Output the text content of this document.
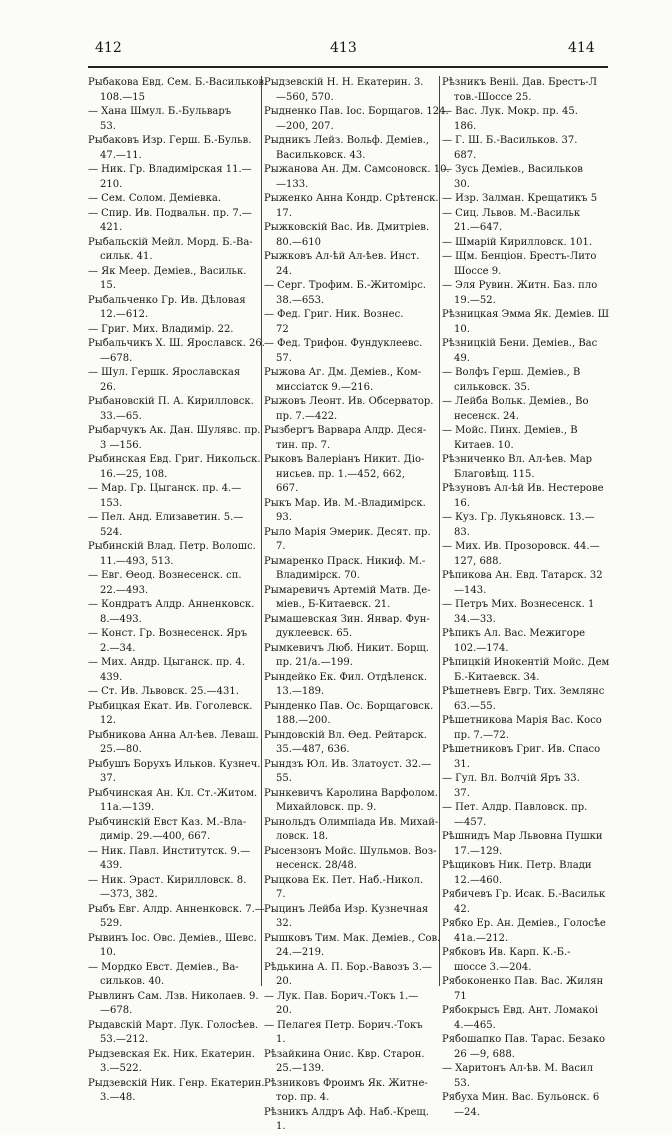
412	413	414
Рыбакова Евд. Сем. Б.-Васильков.
108.—15
— Хана Шмул. Б.-Бульваръ
53.
Рыбаковъ Изр. Герш. Б.-Бульв.
47.—11.
— Ник. Гр. Владимірская 11.—
210.
— Сем. Солом. Деміевка.
— Спир. Ив. Подвальн. пр. 7.—
421.
Рыбальскій Мейл. Морд. Б.-Ва-
сильк. 41.
— Як Меер. Деміев., Васильк.
15.
Рыбальченко Гр. Ив. Дѣловая
12.—612.
— Григ. Мих. Владимір. 22.
Рыбальчикъ Х. Ш. Ярославск. 26.
—678.
— Шул. Гершк. Ярославская
26.
Рыбановскій П. А. Кирилловск.
33.—65.
Рыбарчукъ Ак. Дан. Шулявс. пр.
3 —156.
Рыбинская Евд. Григ. Никольск.
16.—25, 108.
— Мар. Гр. Цыганск. пр. 4.—
153.
— Пел. Анд. Елизаветин. 5.—
524.
Рыбинскій Влад. Петр. Волошс.
11.—493, 513.
— Евг. Ѳеод. Вознесенск. сп.
22.—493.
— Кондратъ Алдр. Анненковск.
8.—493.
— Конст. Гр. Вознесенск. Яръ
2.—34.
— Мих. Андр. Цыганск. пр. 4.
439.
— Ст. Ив. Львовск. 25.—431.
Рыбицкая Екат. Ив. Гоголевск.
12.
Рыбникова Анна Ал-ѣев. Леваш.
25.—80.
Рыбушъ Борухъ Ильков. Кузнеч.
37.
Рыбчинская Ан. Кл. Ст.-Житом.
11а.—139.
Рыбчинскій Евст Каз. М.-Вла-
димір. 29.—400, 667.
— Ник. Павл. Институтск. 9.—
439.
— Ник. Эраст. Кирилловск. 8.
—373, 382.
Рыбъ Евг. Алдр. Анненковск. 7.—
529.
Рывинъ Іос. Овс. Деміев., Шевс.
10.
— Мордко Евст. Деміев., Ва-
сильков. 40.
Рывлинъ Сам. Лзв. Николаев. 9.
—678.
Рыдавскій Март. Лук. Голосѣев.
53.—212.
Рыдзевская Ек. Ник. Екатерин.
3.—522.
Рыдзевскій Ник. Генр. Екатерин.
3.—48.
Рыдзевскій Н. Н. Екатерин. 3.
—560, 570.
Рыдненко Пав. Іос. Борщагов. 124.
—200, 207.
Рыдникъ Лейз. Вольф. Деміев.,
Васильковск. 43.
Рыжанова Ан. Дм. Самсоновск. 10.
—133.
Рыженко Анна Кондр. Срѣтенск.
17.
Рыжковскій Вас. Ив. Дмитріев.
80.—610
Рыжковъ Ал-ѣй Ал-ѣев. Инст.
24.
— Серг. Трофим. Б.-Житомірс.
38.—653.
— Фед. Григ. Ник. Вознес.
72
— Фед. Трифон. Фундуклеевс.
57.
Рыжова Аг. Дм. Деміев., Ком-
миссіатск 9.—216.
Рыжовъ Леонт. Ив. Обсерватор.
пр. 7.—422.
Рызбергъ Варвара Алдр. Деся-
тин. пр. 7.
Рыковъ Валеріанъ Никит. Діо-
нисьев. пр. 1.—452, 662,
667.
Рыкъ Мар. Ив. М.-Владимірск.
93.
Рыло Марія Эмерик. Десят. пр.
7.
Рымаренко Праск. Никиф. М.-
Владимірск. 70.
Рымаревичъ Артемій Матв. Де-
міев., Б-Китаевск. 21.
Рымашевская Зин. Январ. Фун-
дуклеевск. 65.
Рымкевичъ Люб. Никит. Борщ.
пр. 21/а.—199.
Рындейко Ек. Фил. Отдѣленск.
13.—189.
Рынденко Пав. Ос. Борщаговск.
188.—200.
Рындовскій Вл. Ѳед. Рейтарск.
35.—487, 636.
Рындзъ Юл. Ив. Златоуст. 32.—
55.
Рынкевичъ Каролина Варфолом.
Михайловск. пр. 9.
Рынольдъ Олимпіада Ив. Михай-
ловск. 18.
Рысензонъ Мойс. Шульмов. Воз-
несенск. 28/48.
Рыцкова Ек. Пет. Наб.-Никол.
7.
Рыцинъ Лейба Изр. Кузнечная
32.
Рышковъ Тим. Мак. Деміев., Сов.
24.—219.
Рѣдькина А. П. Бор.-Вавозъ 3.—
20.
— Лук. Пав. Борич.-Токъ 1.—
20.
— Пелагея Петр. Борич.-Токъ
1.
Рѣзайкина Онис. Квр. Старон.
25.—139.
Рѣзниковъ Фроимъ Як. Житне-
тор. пр. 4.
Рѣзникъ Алдръ Аф. Наб.-Крещ.
1.
Рѣзникъ Веніі. Дав. Брестъ-Л
тов.-Шоссе 25.
— Вас. Лук. Мокр. пр. 45.
186.
— Г. Ш. Б.-Васильков. 37.
687.
— Зусь Деміев., Васильков
30.
— Изр. Залман. Крещатикъ 5
— Сиц. Львов. М.-Васильк
21.—647.
— Шмарій Кирилловск. 101.
— Щм. Бенціон. Брестъ-Лито
Шоссе 9.
— Эля Рувин. Житн. Баз. пло
19.—52.
Рѣзницкая Эмма Як. Деміев. Ш
10.
Рѣзницкій Бени. Деміев., Вас
49.
— Волфъ Герш. Деміев., В
сильковск. 35.
— Лейба Вольк. Деміев., Во
несенск. 24.
— Мойс. Пинх. Деміев., В
Китаев. 10.
Рѣзниченко Вл. Ал-ѣев. Мар
Благовѣщ. 115.
Рѣзуновъ Ал-ѣй Ив. Нестерове
16.
— Куз. Гр. Лукьяновск. 13.—
83.
— Мих. Ив. Прозоровск. 44.—
127, 688.
Рѣпикова Ан. Евд. Татарск. 32
—143.
— Петръ Мих. Вознесенск. 1
34.—33.
Рѣпикъ Ал. Вас. Межигоре
102.—174.
Рѣпицкій Инокентій Мойс. Дем
Б.-Китаевск. 34.
Рѣшетневъ Евгр. Тих. Землянс
63.—55.
Рѣшетникова Марія Вас. Косо
пр. 7.—72.
Рѣшетниковъ Григ. Ив. Спасо
31.
— Гул. Вл. Волчій Яръ 33.
37.
— Пет. Алдр. Павловск. пр.
—457.
Рѣшнидъ Мар Львовна Пушки
17.—129.
Рѣщиковъ Ник. Петр. Влади
12.—460.
Рябичевъ Гр. Исак. Б.-Васильк
42.
Рябко Ер. Ан. Деміев., Голосѣе
41а.—212.
Рябковъ Ив. Карп. К.-Б.-
шоссе 3.—204.
Рябоконенко Пав. Вас. Жилян
71
Рябокрысъ Евд. Ант. Ломакоі
4.—465.
Рябошапко Пав. Тарас. Безако
26 —9, 688.
— Харитонъ Ал-ѣв. М. Васил
53.
Рябуха Мин. Вас. Бульонск. 6
—24.
